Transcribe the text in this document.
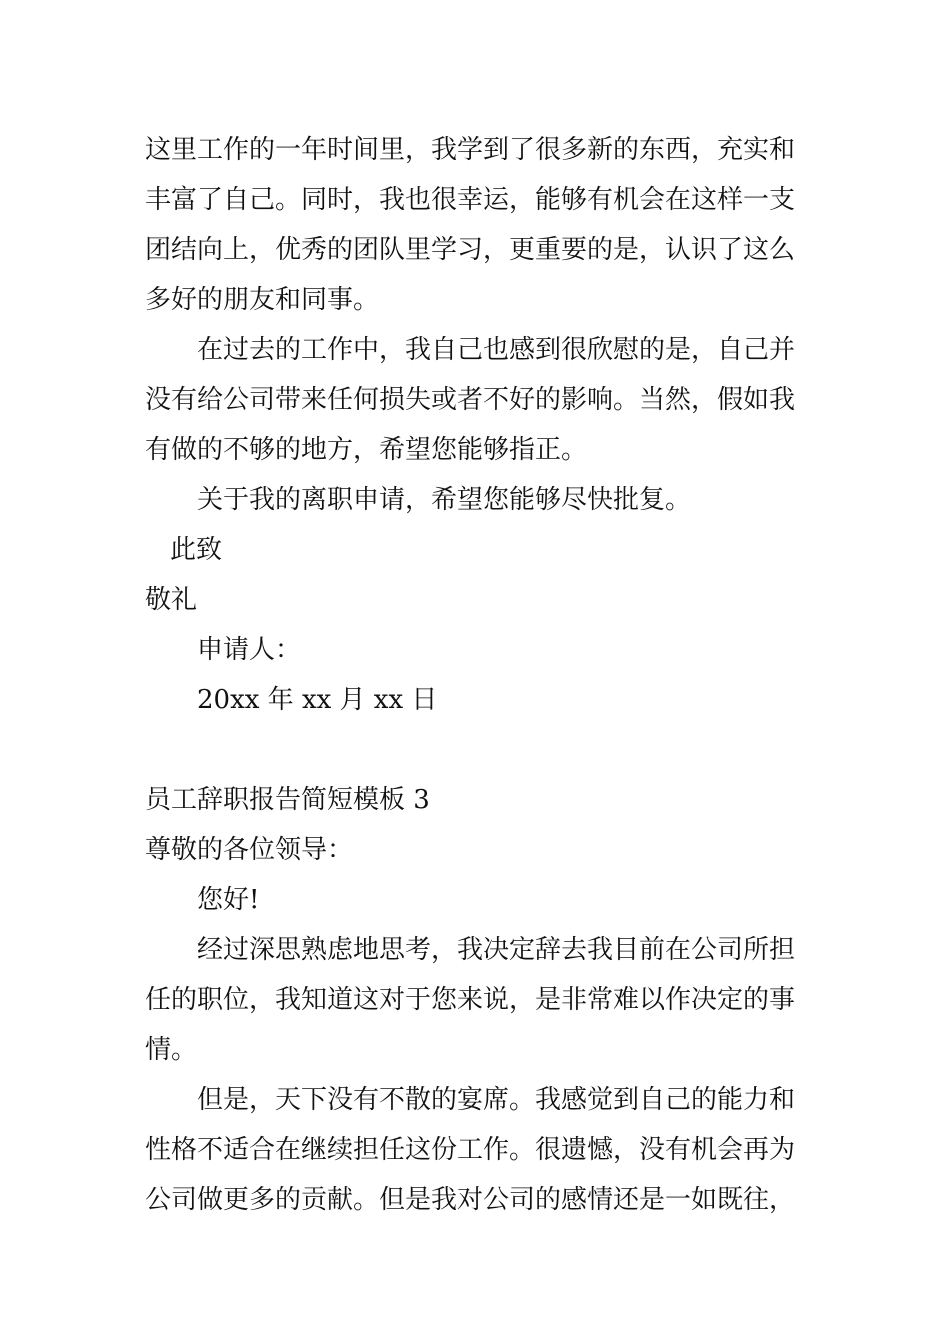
这里工作的一年时间里，我学到了很多新的东西，充实和
丰富了自己。同时，我也很幸运，能够有机会在这样一支
团结向上，优秀的团队里学习，更重要的是，认识了这么
多好的朋友和同事。
在过去的工作中，我自己也感到很欣慰的是，自己并
没有给公司带来任何损失或者不好的影响。当然，假如我
有做的不够的地方，希望您能够指正。
关于我的离职申请，希望您能够尽快批复。
此致
敬礼
申请人：
20xx 年 xx 月 xx 日
员工辞职报告简短模板 3
尊敬的各位领导：
您好!
经过深思熟虑地思考，我决定辞去我目前在公司所担
任的职位，我知道这对于您来说，是非常难以作决定的事
情。
但是，天下没有不散的宴席。我感觉到自己的能力和
性格不适合在继续担任这份工作。很遗憾，没有机会再为
公司做更多的贡献。但是我对公司的感情还是一如既往，
